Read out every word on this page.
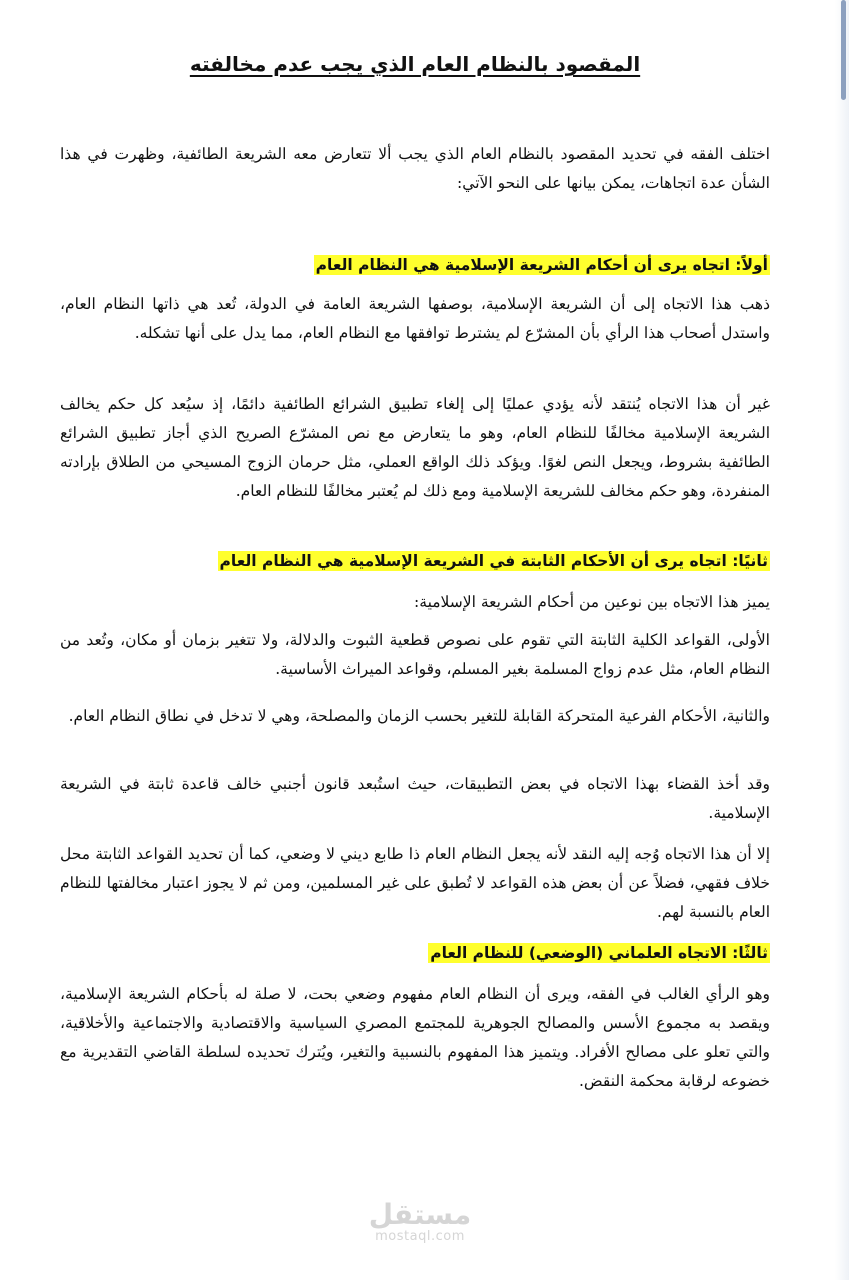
المقصود بالنظام العام الذي يجب عدم مخالفته
اختلف الفقه في تحديد المقصود بالنظام العام الذي يجب ألا تتعارض معه الشريعة الطائفية، وظهرت في هذا الشأن عدة اتجاهات، يمكن بيانها على النحو الآتي:
أولاً: اتجاه يرى أن أحكام الشريعة الإسلامية هي النظام العام
ذهب هذا الاتجاه إلى أن الشريعة الإسلامية، بوصفها الشريعة العامة في الدولة، تُعد هي ذاتها النظام العام، واستدل أصحاب هذا الرأي بأن المشرّع لم يشترط توافقها مع النظام العام، مما يدل على أنها تشكله.
غير أن هذا الاتجاه يُنتقد لأنه يؤدي عمليًا إلى إلغاء تطبيق الشرائع الطائفية دائمًا، إذ سيُعد كل حكم يخالف الشريعة الإسلامية مخالفًا للنظام العام، وهو ما يتعارض مع نص المشرّع الصريح الذي أجاز تطبيق الشرائع الطائفية بشروط، ويجعل النص لغوًا. ويؤكد ذلك الواقع العملي، مثل حرمان الزوج المسيحي من الطلاق بإرادته المنفردة، وهو حكم مخالف للشريعة الإسلامية ومع ذلك لم يُعتبر مخالفًا للنظام العام.
ثانيًا: اتجاه يرى أن الأحكام الثابتة في الشريعة الإسلامية هي النظام العام
يميز هذا الاتجاه بين نوعين من أحكام الشريعة الإسلامية:
الأولى، القواعد الكلية الثابتة التي تقوم على نصوص قطعية الثبوت والدلالة، ولا تتغير بزمان أو مكان، وتُعد من النظام العام، مثل عدم زواج المسلمة بغير المسلم، وقواعد الميراث الأساسية.
والثانية، الأحكام الفرعية المتحركة القابلة للتغير بحسب الزمان والمصلحة، وهي لا تدخل في نطاق النظام العام.
وقد أخذ القضاء بهذا الاتجاه في بعض التطبيقات، حيث استُبعد قانون أجنبي خالف قاعدة ثابتة في الشريعة الإسلامية.
إلا أن هذا الاتجاه وُجه إليه النقد لأنه يجعل النظام العام ذا طابع ديني لا وضعي، كما أن تحديد القواعد الثابتة محل خلاف فقهي، فضلاً عن أن بعض هذه القواعد لا تُطبق على غير المسلمين، ومن ثم لا يجوز اعتبار مخالفتها للنظام العام بالنسبة لهم.
ثالثًا: الاتجاه العلماني (الوضعي) للنظام العام
وهو الرأي الغالب في الفقه، ويرى أن النظام العام مفهوم وضعي بحت، لا صلة له بأحكام الشريعة الإسلامية، ويقصد به مجموع الأسس والمصالح الجوهرية للمجتمع المصري السياسية والاقتصادية والاجتماعية والأخلاقية، والتي تعلو على مصالح الأفراد. ويتميز هذا المفهوم بالنسبية والتغير، ويُترك تحديده لسلطة القاضي التقديرية مع خضوعه لرقابة محكمة النقض.
مستقل
mostaql.com
